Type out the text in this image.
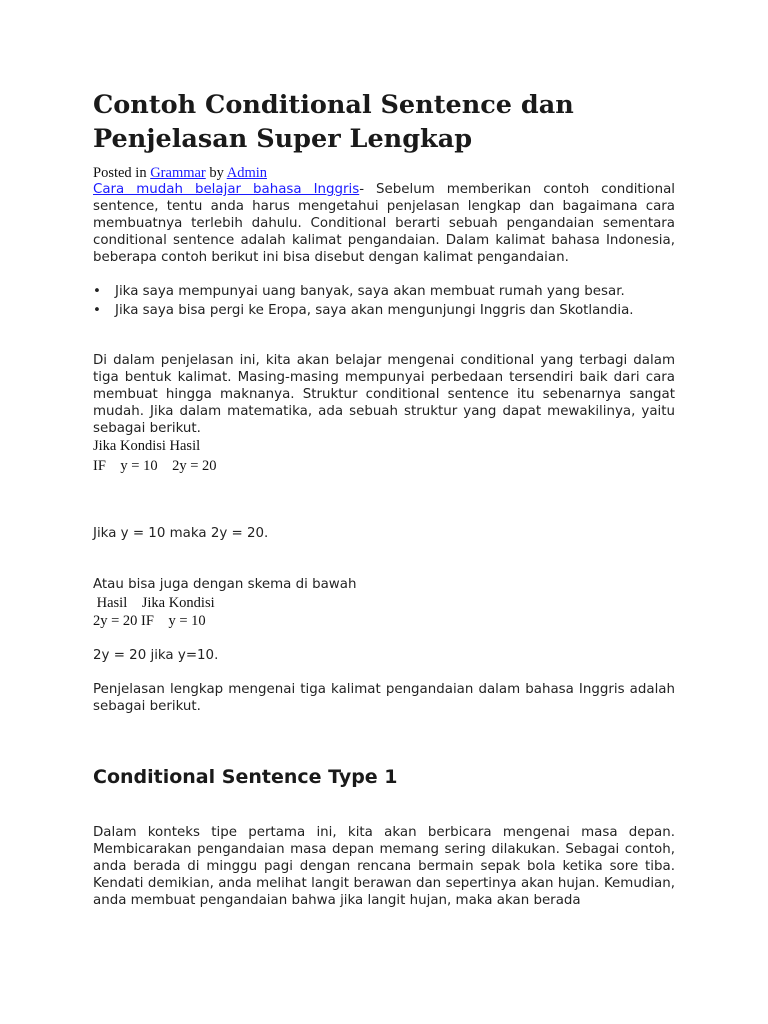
Contoh Conditional Sentence dan Penjelasan Super Lengkap
Posted in Grammar by Admin

Cara mudah belajar bahasa Inggris- Sebelum memberikan contoh conditional sentence, tentu anda harus mengetahui penjelasan lengkap dan bagaimana cara membuatnya terlebih dahulu. Conditional berarti sebuah pengandaian sementara conditional sentence adalah kalimat pengandaian. Dalam kalimat bahasa Indonesia, beberapa contoh berikut ini bisa disebut dengan kalimat pengandaian.

• Jika saya mempunyai uang banyak, saya akan membuat rumah yang besar.
• Jika saya bisa pergi ke Eropa, saya akan mengunjungi Inggris dan Skotlandia.

Di dalam penjelasan ini, kita akan belajar mengenai conditional yang terbagi dalam tiga bentuk kalimat. Masing-masing mempunyai perbedaan tersendiri baik dari cara membuat hingga maknanya. Struktur conditional sentence itu sebenarnya sangat mudah. Jika dalam matematika, ada sebuah struktur yang dapat mewakilinya, yaitu sebagai berikut.

Jika Kondisi Hasil
IF    y = 10    2y = 20

Jika y = 10 maka 2y = 20.

Atau bisa juga dengan skema di bawah

Hasil    Jika Kondisi
2y = 20 IF    y = 10

2y = 20 jika y=10.

Penjelasan lengkap mengenai tiga kalimat pengandaian dalam bahasa Inggris adalah sebagai berikut.

Conditional Sentence Type 1

Dalam konteks tipe pertama ini, kita akan berbicara mengenai masa depan. Membicarakan pengandaian masa depan memang sering dilakukan. Sebagai contoh, anda berada di minggu pagi dengan rencana bermain sepak bola ketika sore tiba. Kendati demikian, anda melihat langit berawan dan sepertinya akan hujan. Kemudian, anda membuat pengandaian bahwa jika langit hujan, maka akan berada
